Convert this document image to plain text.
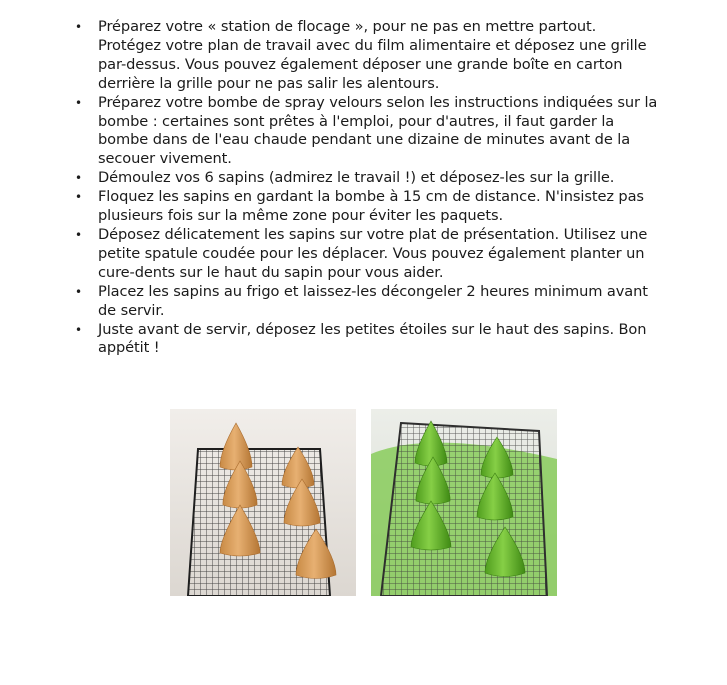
• Préparez votre « station de flocage », pour ne pas en mettre partout. Protégez votre plan de travail avec du film alimentaire et déposez une grille par-dessus. Vous pouvez également déposer une grande boîte en carton derrière la grille pour ne pas salir les alentours.
• Préparez votre bombe de spray velours selon les instructions indiquées sur la bombe : certaines sont prêtes à l'emploi, pour d'autres, il faut garder la bombe dans de l'eau chaude pendant une dizaine de minutes avant de la secouer vivement.
• Démoulez vos 6 sapins (admirez le travail !) et déposez-les sur la grille.
• Floquez les sapins en gardant la bombe à 15 cm de distance. N'insistez pas plusieurs fois sur la même zone pour éviter les paquets.
• Déposez délicatement les sapins sur votre plat de présentation. Utilisez une petite spatule coudée pour les déplacer. Vous pouvez également planter un cure-dents sur le haut du sapin pour vous aider.
• Placez les sapins au frigo et laissez-les décongeler 2 heures minimum avant de servir.
• Juste avant de servir, déposez les petites étoiles sur le haut des sapins. Bon appétit !
